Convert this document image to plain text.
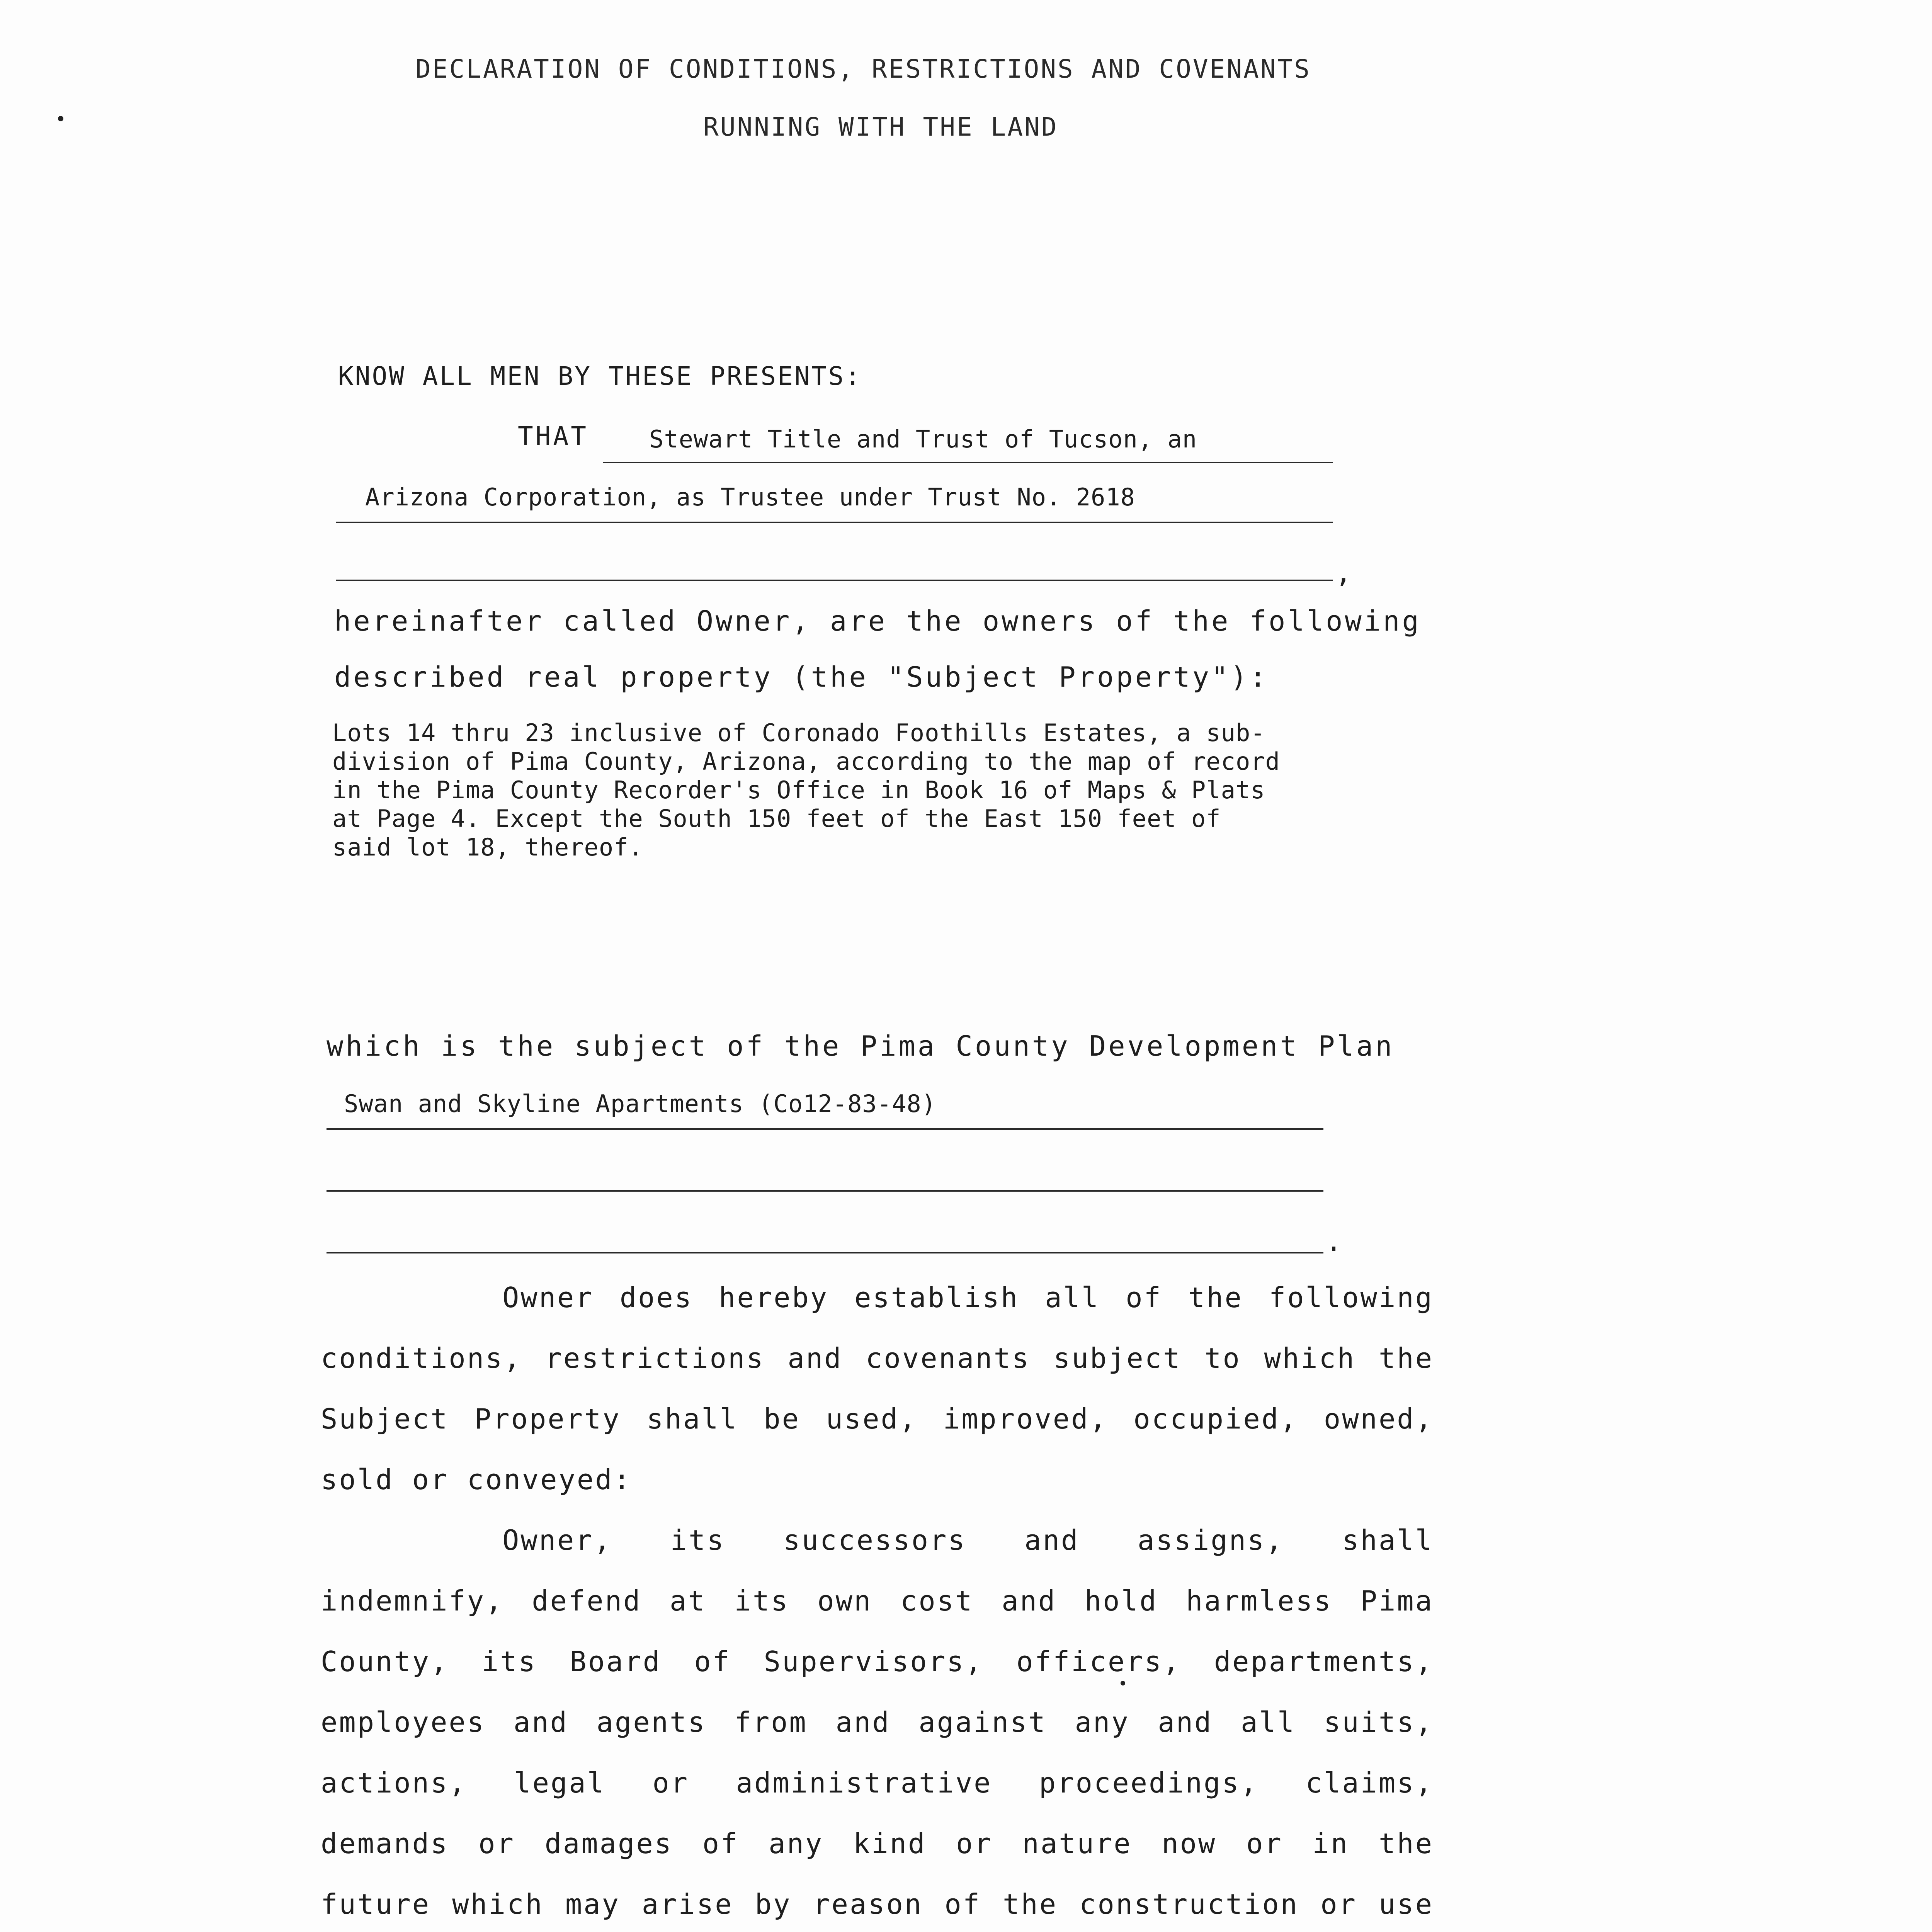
DECLARATION OF CONDITIONS, RESTRICTIONS AND COVENANTS
RUNNING WITH THE LAND
KNOW ALL MEN BY THESE PRESENTS:
THAT	Stewart Title and Trust of Tucson, an
Arizona Corporation, as Trustee under Trust No. 2618
,
hereinafter called Owner, are the owners of the following
described real property (the "Subject Property"):
Lots 14 thru 23 inclusive of Coronado Foothills Estates, a sub-
division of Pima County, Arizona, according to the map of record
in the Pima County Recorder's Office in Book 16 of Maps & Plats
at Page 4. Except the South 150 feet of the East 150 feet of
said lot 18, thereof.
which is the subject of the Pima County Development Plan
Swan and Skyline Apartments (Co12-83-48)
.

Owner does hereby establish all of the following conditions, restrictions and covenants subject to which the Subject Property shall be used, improved, occupied, owned, sold or conveyed:

Owner, its successors and assigns, shall indemnify, defend at its own cost and hold harmless Pima County, its Board of Supervisors, officers, departments, employees and agents from and against any and all suits, actions, legal or administrative proceedings, claims, demands or damages of any kind or nature now or in the future which may arise by reason of the construction or use
